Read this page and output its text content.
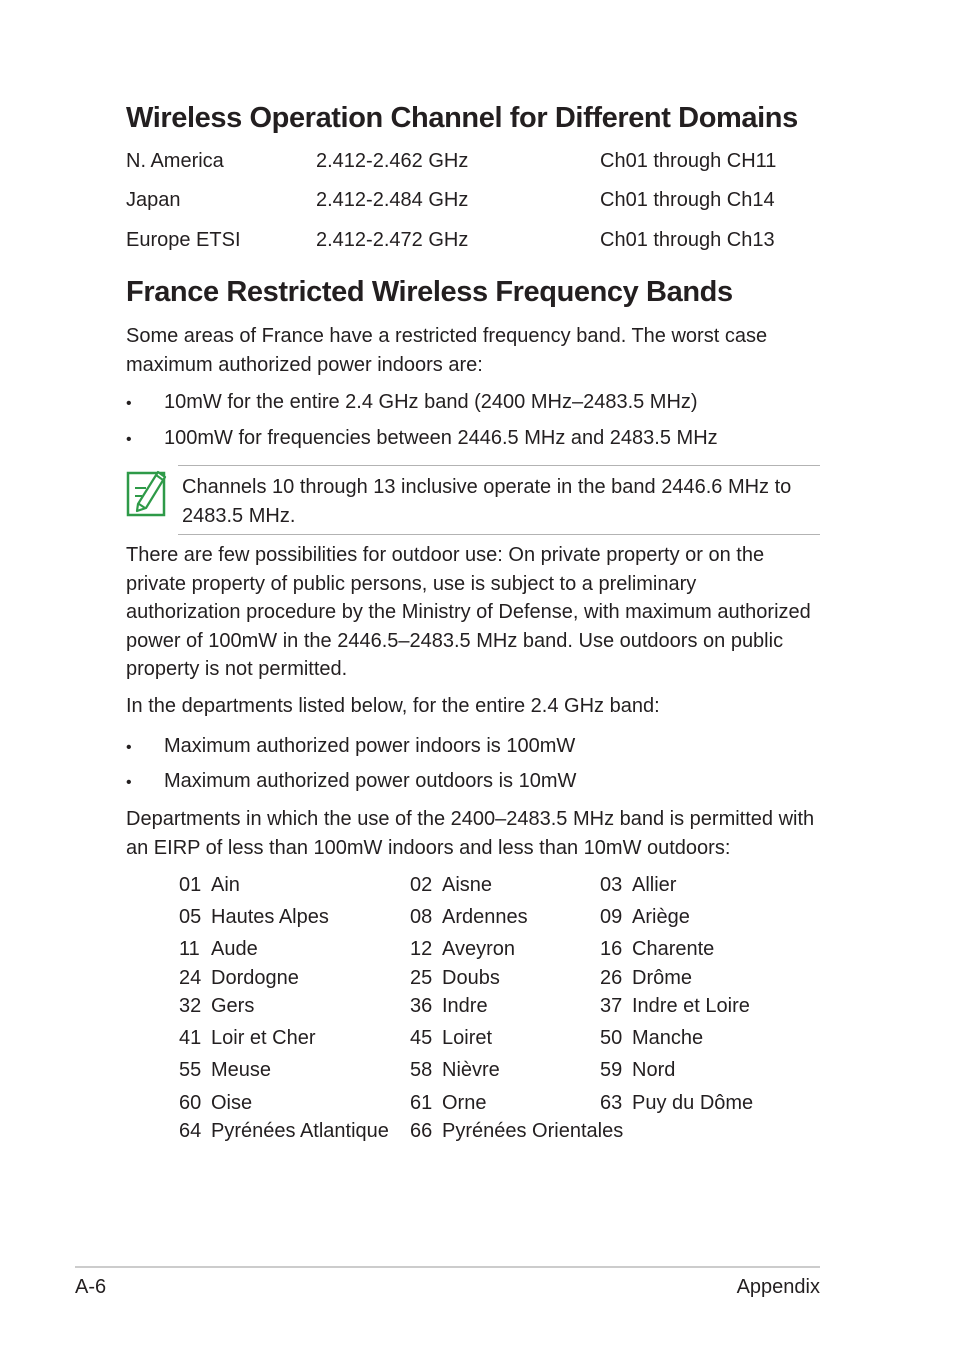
Wireless Operation Channel for Different Domains
N. America	2.412-2.462 GHz	Ch01 through CH11
Japan	2.412-2.484 GHz	Ch01 through Ch14
Europe ETSI	2.412-2.472 GHz	Ch01 through Ch13
France Restricted Wireless Frequency Bands
Some areas of France have a restricted frequency band. The worst case maximum authorized power indoors are:
• 10mW for the entire 2.4 GHz band (2400 MHz–2483.5 MHz)
• 100mW for frequencies between 2446.5 MHz and 2483.5 MHz
Channels 10 through 13 inclusive operate in the band 2446.6 MHz to 2483.5 MHz.
There are few possibilities for outdoor use: On private property or on the private property of public persons, use is subject to a preliminary authorization procedure by the Ministry of Defense, with maximum authorized power of 100mW in the 2446.5–2483.5 MHz band. Use outdoors on public property is not permitted.
In the departments listed below, for the entire 2.4 GHz band:
• Maximum authorized power indoors is 100mW
• Maximum authorized power outdoors is 10mW
Departments in which the use of the 2400–2483.5 MHz band is permitted with an EIRP of less than 100mW indoors and less than 10mW outdoors:
01 Ain	02 Aisne	03 Allier
05 Hautes Alpes	08 Ardennes	09 Ariège
11 Aude	12 Aveyron	16 Charente
24 Dordogne	25 Doubs	26 Drôme
32 Gers	36 Indre	37 Indre et Loire
41 Loir et Cher	45 Loiret	50 Manche
55 Meuse	58 Nièvre	59 Nord
60 Oise	61 Orne	63 Puy du Dôme
64 Pyrénées Atlantique 66 Pyrénées Orientales
A-6	Appendix
